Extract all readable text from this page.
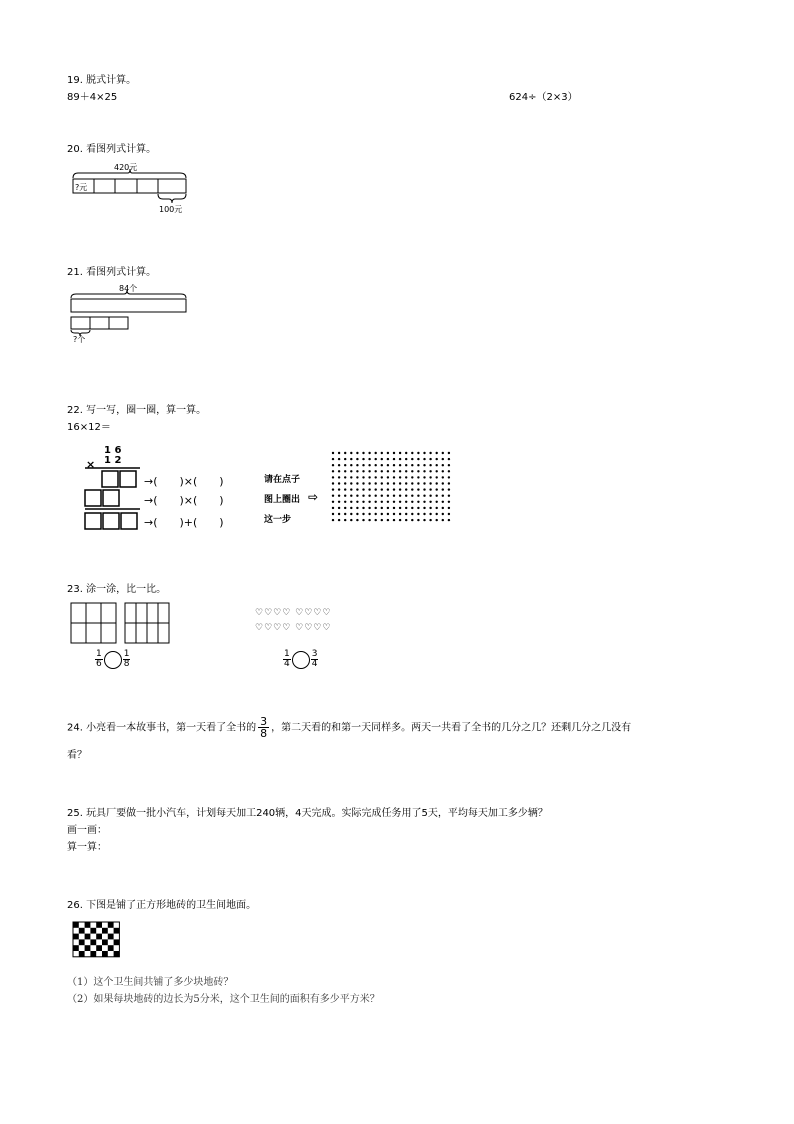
19. 脱式计算。
89＋4×25	624÷（2×3）
20. 看图列式计算。
420元
?元
100元
21. 看图列式计算。
84个
?个
22. 写一写，圈一圈，算一算。
16×12＝
1 6
× 1 2
→(　　)×(　　)
→(　　)×(　　)
→(　　)+(　　)
请在点子
图上圈出
这一步
⇨
23. 涂一涂，比一比。
$\frac{1}{6} \frac{1}{8}$
♡♡♡♡ ♡♡♡♡
♡♡♡♡ ♡♡♡♡
$\frac{1}{4} \frac{3}{4}$
24. 小亮看一本故事书，第一天看了全书的 $\frac{3}{8}$ ，第二天看的和第一天同样多。两天一共看了全书的几分之几？还剩几分之几没有
看？
25. 玩具厂要做一批小汽车，计划每天加工240辆，4天完成。实际完成任务用了5天，平均每天加工多少辆？
画一画：
算一算：
26. 下图是铺了正方形地砖的卫生间地面。
（1）这个卫生间共铺了多少块地砖？
（2）如果每块地砖的边长为5分米，这个卫生间的面积有多少平方米？
